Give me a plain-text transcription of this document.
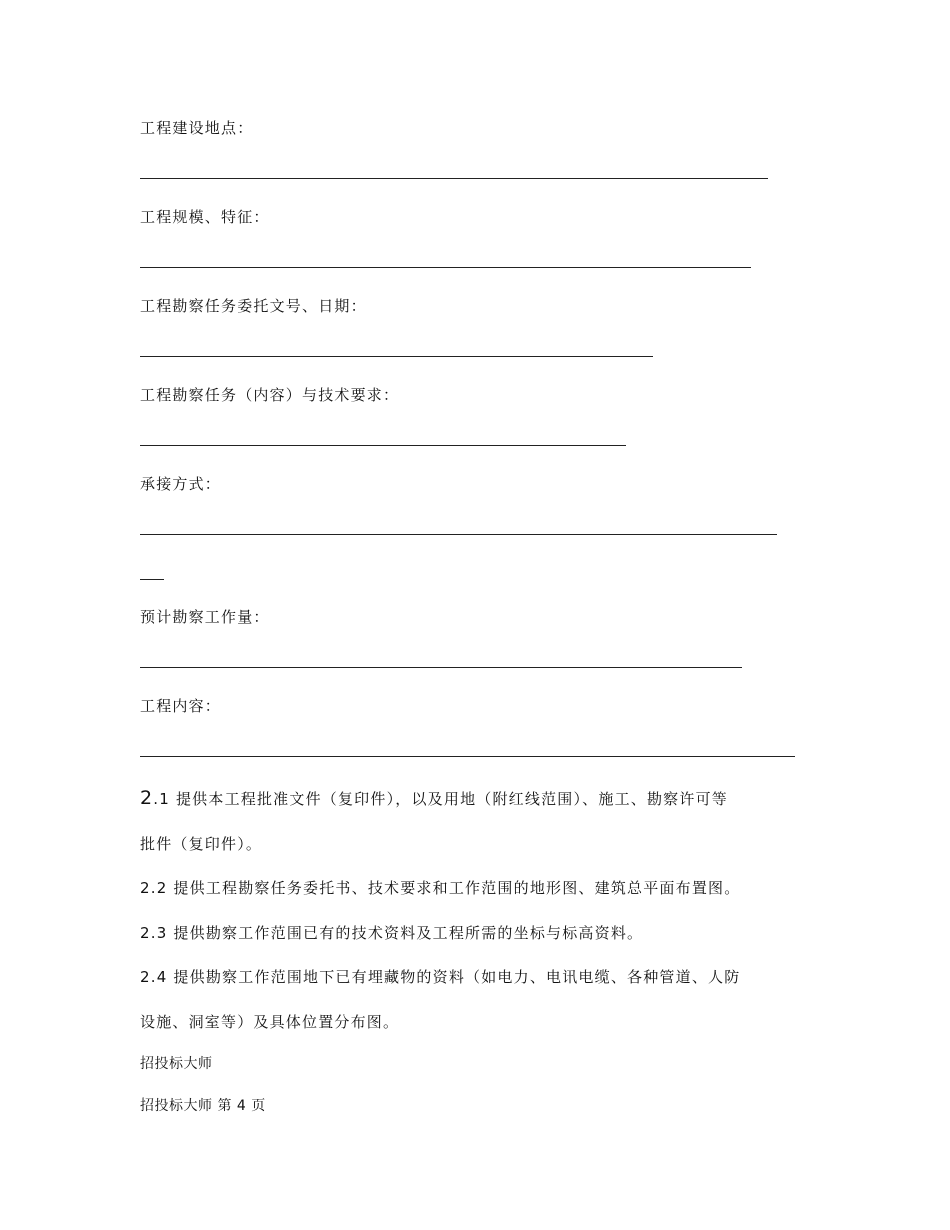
工程建设地点：
工程规模、特征：
工程勘察任务委托文号、日期：
工程勘察任务（内容）与技术要求：
承接方式：
预计勘察工作量：
工程内容：
2.1 提供本工程批准文件（复印件），以及用地（附红线范围）、施工、勘察许可等
批件（复印件）。
2.2 提供工程勘察任务委托书、技术要求和工作范围的地形图、建筑总平面布置图。
2.3 提供勘察工作范围已有的技术资料及工程所需的坐标与标高资料。
2.4 提供勘察工作范围地下已有埋藏物的资料（如电力、电讯电缆、各种管道、人防
设施、洞室等）及具体位置分布图。
招投标大师
招投标大师 第 4 页
